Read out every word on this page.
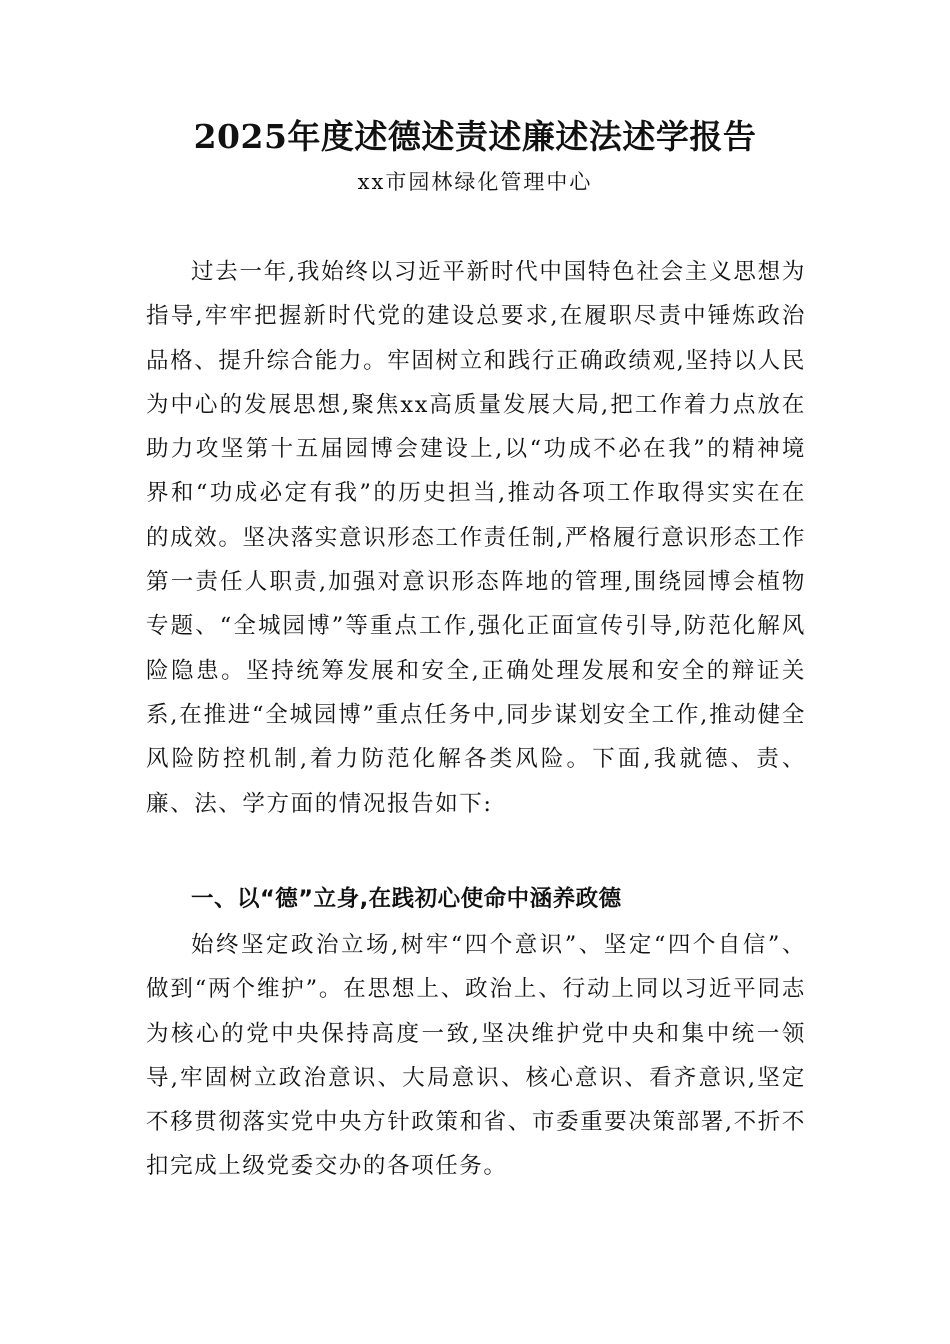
2025年度述德述责述廉述法述学报告
xx市园林绿化管理中心

过去一年,我始终以习近平新时代中国特色社会主义思想为指导,牢牢把握新时代党的建设总要求,在履职尽责中锤炼政治品格、提升综合能力。牢固树立和践行正确政绩观,坚持以人民为中心的发展思想,聚焦xx高质量发展大局,把工作着力点放在助力攻坚第十五届园博会建设上,以“功成不必在我”的精神境界和“功成必定有我”的历史担当,推动各项工作取得实实在在的成效。坚决落实意识形态工作责任制,严格履行意识形态工作第一责任人职责,加强对意识形态阵地的管理,围绕园博会植物专题、“全城园博”等重点工作,强化正面宣传引导,防范化解风险隐患。坚持统筹发展和安全,正确处理发展和安全的辩证关系,在推进“全城园博”重点任务中,同步谋划安全工作,推动健全风险防控机制,着力防范化解各类风险。下面,我就德、责、廉、法、学方面的情况报告如下:

一、以“德”立身,在践初心使命中涵养政德

始终坚定政治立场,树牢“四个意识”、坚定“四个自信”、做到“两个维护”。在思想上、政治上、行动上同以习近平同志为核心的党中央保持高度一致,坚决维护党中央和集中统一领导,牢固树立政治意识、大局意识、核心意识、看齐意识,坚定不移贯彻落实党中央方针政策和省、市委重要决策部署,不折不扣完成上级党委交办的各项任务。
